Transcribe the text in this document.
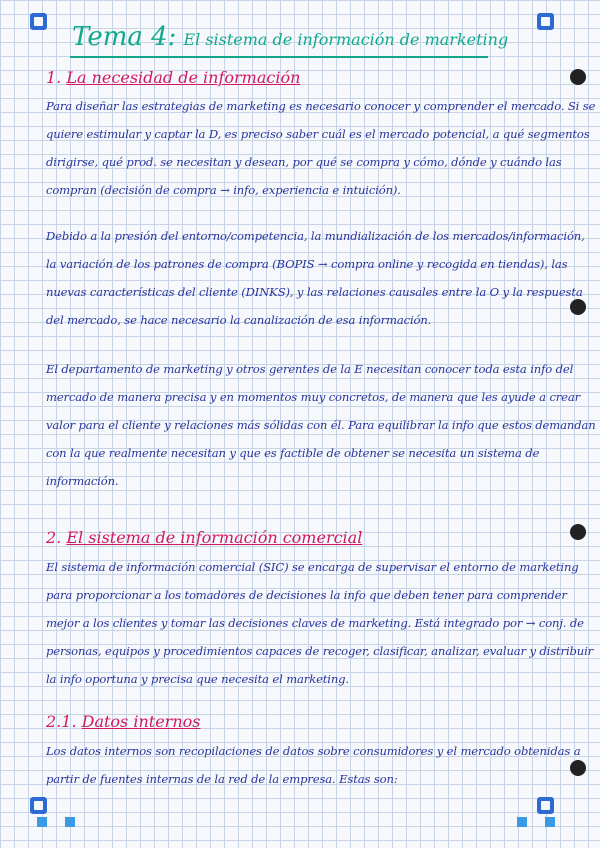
Tema 4: El sistema de información de marketing
1. La necesidad de información

Para diseñar las estrategias de marketing es necesario conocer y comprender el mercado. Si se quiere estimular y captar la D, es preciso saber cuál es el mercado potencial, a qué segmentos dirigirse, qué prod. se necesitan y desean, por qué se compra y cómo, dónde y cuándo las compran (decisión de compra → info, experiencia e intuición).

Debido a la presión del entorno/competencia, la mundialización de los mercados/información, la variación de los patrones de compra (BOPIS → compra online y recogida en tiendas), las nuevas características del cliente (DINKS), y las relaciones causales entre la O y la respuesta del mercado, se hace necesario la canalización de esa información.

El departamento de marketing y otros gerentes de la E necesitan conocer toda esta info del mercado de manera precisa y en momentos muy concretos, de manera que les ayude a crear valor para el cliente y relaciones más sólidas con él. Para equilibrar la info que estos demandan con la que realmente necesitan y que es factible de obtener se necesita un sistema de información.

2. El sistema de información comercial

El sistema de información comercial (SIC) se encarga de supervisar el entorno de marketing para proporcionar a los tomadores de decisiones la info que deben tener para comprender mejor a los clientes y tomar las decisiones claves de marketing. Está integrado por → conj. de personas, equipos y procedimientos capaces de recoger, clasificar, analizar, evaluar y distribuir la info oportuna y precisa que necesita el marketing.

2.1. Datos internos

Los datos internos son recopilaciones de datos sobre consumidores y el mercado obtenidas a partir de fuentes internas de la red de la empresa. Estas son:
